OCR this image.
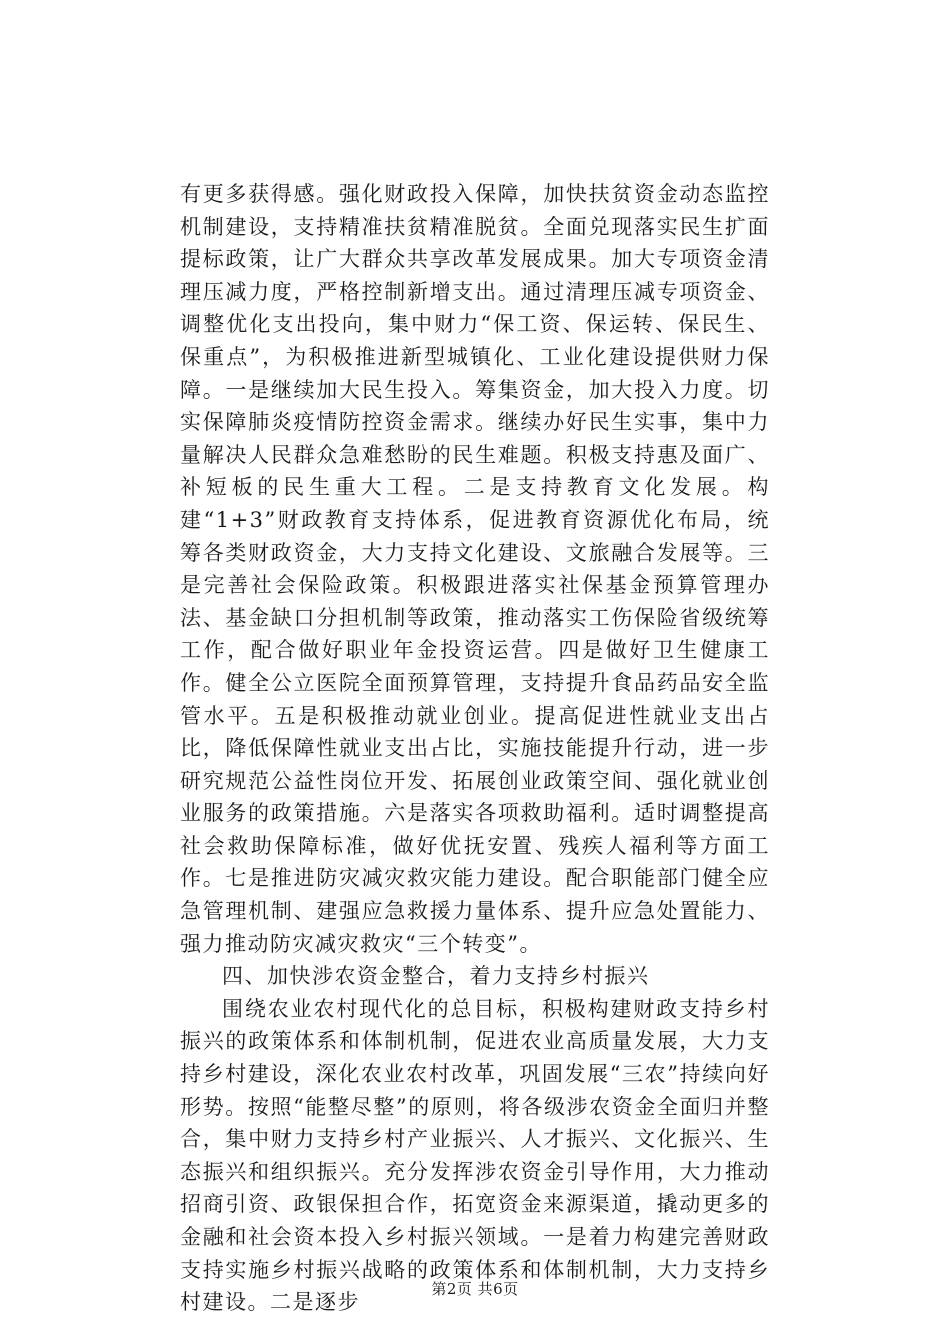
有更多获得感。强化财政投入保障，加快扶贫资金动态监控机制建设，支持精准扶贫精准脱贫。全面兑现落实民生扩面提标政策，让广大群众共享改革发展成果。加大专项资金清理压减力度，严格控制新增支出。通过清理压减专项资金、调整优化支出投向，集中财力“保工资、保运转、保民生、保重点”，为积极推进新型城镇化、工业化建设提供财力保障。一是继续加大民生投入。筹集资金，加大投入力度。切实保障肺炎疫情防控资金需求。继续办好民生实事，集中力量解决人民群众急难愁盼的民生难题。积极支持惠及面广、补短板的民生重大工程。二是支持教育文化发展。构建“1+3”财政教育支持体系，促进教育资源优化布局，统筹各类财政资金，大力支持文化建设、文旅融合发展等。三是完善社会保险政策。积极跟进落实社保基金预算管理办法、基金缺口分担机制等政策，推动落实工伤保险省级统筹工作，配合做好职业年金投资运营。四是做好卫生健康工作。健全公立医院全面预算管理，支持提升食品药品安全监管水平。五是积极推动就业创业。提高促进性就业支出占比，降低保障性就业支出占比，实施技能提升行动，进一步研究规范公益性岗位开发、拓展创业政策空间、强化就业创业服务的政策措施。六是落实各项救助福利。适时调整提高社会救助保障标准，做好优抚安置、残疾人福利等方面工作。七是推进防灾减灾救灾能力建设。配合职能部门健全应急管理机制、建强应急救援力量体系、提升应急处置能力、强力推动防灾减灾救灾“三个转变”。

四、加快涉农资金整合，着力支持乡村振兴

围绕农业农村现代化的总目标，积极构建财政支持乡村振兴的政策体系和体制机制，促进农业高质量发展，大力支持乡村建设，深化农业农村改革，巩固发展“三农”持续向好形势。按照“能整尽整”的原则，将各级涉农资金全面归并整合，集中财力支持乡村产业振兴、人才振兴、文化振兴、生态振兴和组织振兴。充分发挥涉农资金引导作用，大力推动招商引资、政银保担合作，拓宽资金来源渠道，撬动更多的金融和社会资本投入乡村振兴领域。一是着力构建完善财政支持实施乡村振兴战略的政策体系和体制机制，大力支持乡村建设。二是逐步

第2页 共6页
